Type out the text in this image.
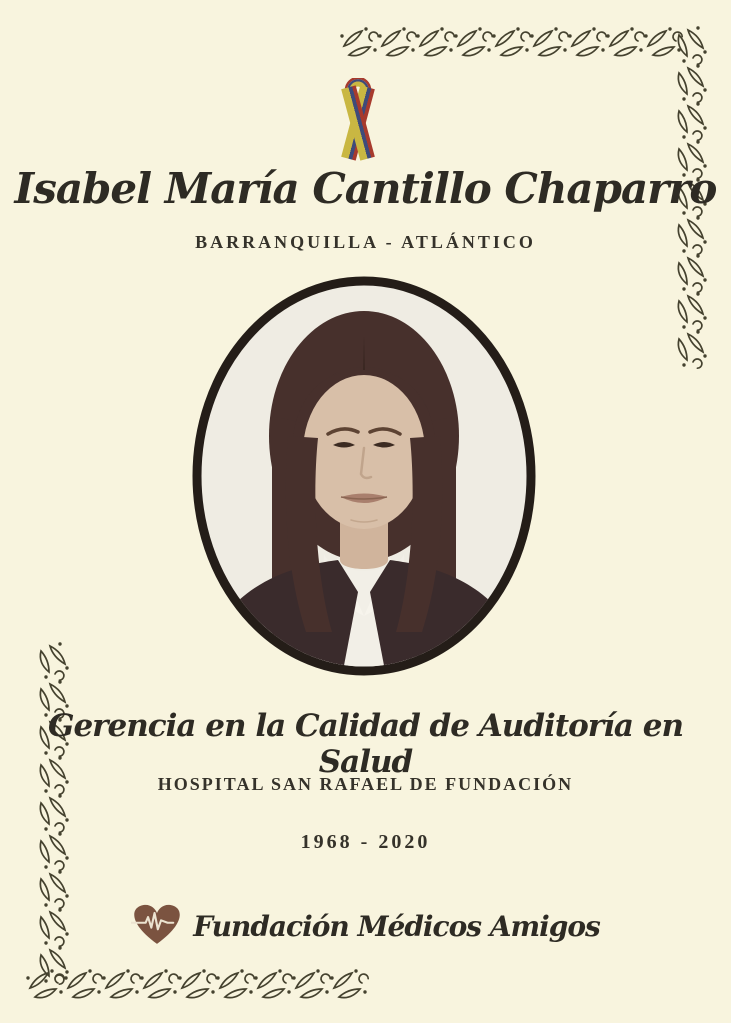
Isabel María Cantillo Chaparro
BARRANQUILLA - ATLÁNTICO
Gerencia en la Calidad de Auditoría en Salud
HOSPITAL SAN RAFAEL DE FUNDACIÓN
1968 - 2020
Fundación Médicos Amigos
